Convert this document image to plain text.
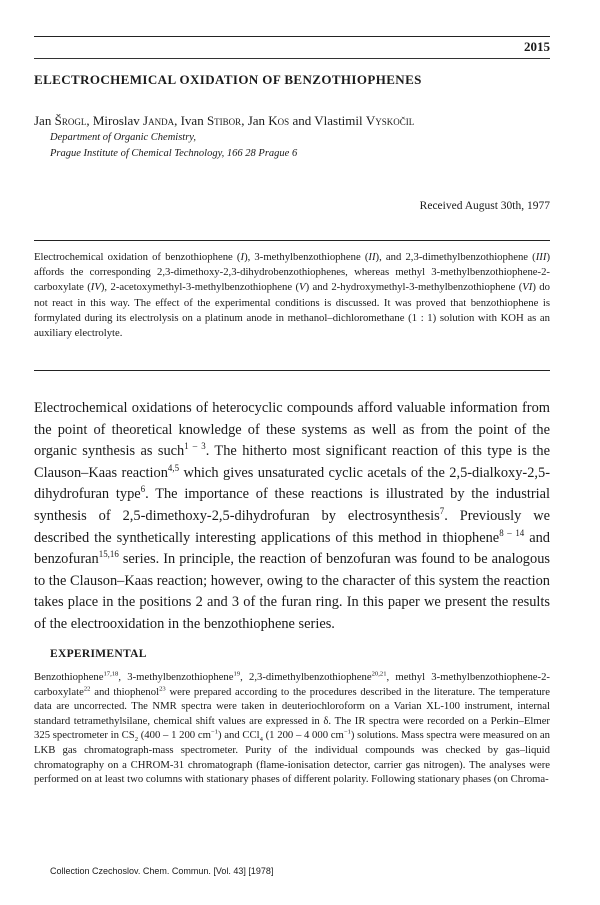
2015
ELECTROCHEMICAL OXIDATION OF BENZOTHIOPHENES
Jan Šrogl, Miroslav Janda, Ivan Stibor, Jan Kos and Vlastimil Vyskočil
Department of Organic Chemistry,
Prague Institute of Chemical Technology, 166 28 Prague 6
Received August 30th, 1977
Electrochemical oxidation of benzothiophene (I), 3-methylbenzothiophene (II), and 2,3-dimethylbenzothiophene (III) affords the corresponding 2,3-dimethoxy-2,3-dihydrobenzothiophenes, whereas methyl 3-methylbenzothiophene-2-carboxylate (IV), 2-acetoxymethyl-3-methylbenzothiophene (V) and 2-hydroxymethyl-3-methylbenzothiophene (VI) do not react in this way. The effect of the experimental conditions is discussed. It was proved that benzothiophene is formylated during its electrolysis on a platinum anode in methanol–dichloromethane (1 : 1) solution with KOH as an auxiliary electrolyte.
Electrochemical oxidations of heterocyclic compounds afford valuable information from the point of theoretical knowledge of these systems as well as from the point of the organic synthesis as such$^{1 - 3}$. The hitherto most significant reaction of this type is the Clauson–Kaas reaction$^{4,5}$ which gives unsaturated cyclic acetals of the 2,5-dialkoxy-2,5-dihydrofuran type$^6$. The importance of these reactions is illustrated by the industrial synthesis of 2,5-dimethoxy-2,5-dihydrofuran by electrosynthesis$^7$. Previously we described the synthetically interesting applications of this method in thiophene$^{8 - 14}$ and benzofuran$^{15,16}$ series. In principle, the reaction of benzofuran was found to be analogous to the Clauson–Kaas reaction; however, owing to the character of this system the reaction takes place in the positions 2 and 3 of the furan ring. In this paper we present the results of the electrooxidation in the benzothiophene series.
EXPERIMENTAL
Benzothiophene$^{17,18}$, 3-methylbenzothiophene$^{19}$, 2,3-dimethylbenzothiophene$^{20,21}$, methyl 3-methylbenzothiophene-2-carboxylate$^{22}$ and thiophenol$^{23}$ were prepared according to the procedures described in the literature. The temperature data are uncorrected. The NMR spectra were taken in deuteriochloroform on a Varian XL-100 instrument, internal standard tetramethylsilane, chemical shift values are expressed in δ. The IR spectra were recorded on a Perkin–Elmer 325 spectrometer in $CS_2$ (400 – 1 200 $cm^{-1}$) and CCl$_4$ (1 200 – 4 000 $cm^{-1}$) solutions. Mass spectra were measured on an LKB gas chromatograph-mass spectrometer. Purity of the individual compounds was checked by gas–liquid chromatography on a CHROM-31 chromatograph (flame-ionisation detector, carrier gas nitrogen). The analyses were performed on at least two columns with stationary phases of different polarity. Following stationary phases (on Chroma-
Collection Czechoslov. Chem. Commun. [Vol. 43] [1978]
